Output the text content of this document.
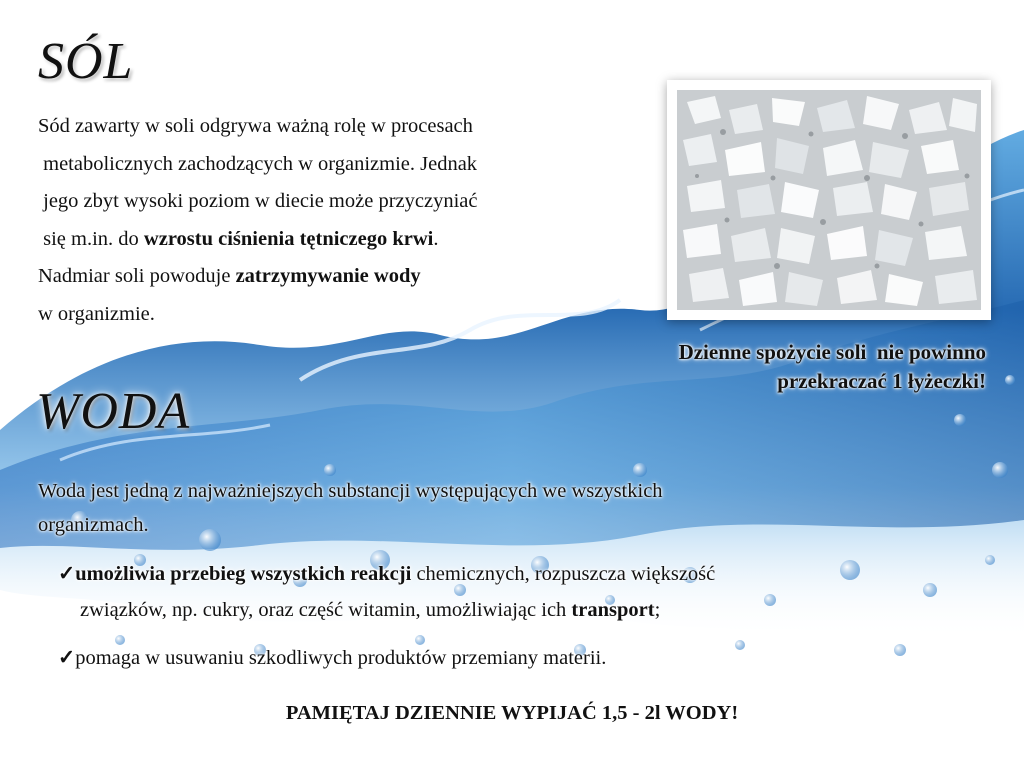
SÓL
Sód zawarty w soli odgrywa ważną rolę w procesach
metabolicznych zachodzących w organizmie. Jednak
jego zbyt wysoki poziom w diecie może przyczyniać
się m.in. do wzrostu ciśnienia tętniczego krwi.
Nadmiar soli powoduje zatrzymywanie wody
w organizmie.
Dzienne spożycie soli  nie powinno
przekraczać 1 łyżeczki!
WODA
Woda jest jedną z najważniejszych substancji występujących we wszystkich
organizmach.
✓umożliwia przebieg wszystkich reakcji chemicznych, rozpuszcza większość
związków, np. cukry, oraz część witamin, umożliwiając ich transport;
✓pomaga w usuwaniu szkodliwych produktów przemiany materii.
PAMIĘTAJ DZIENNIE WYPIJAĆ 1,5 - 2l WODY!
